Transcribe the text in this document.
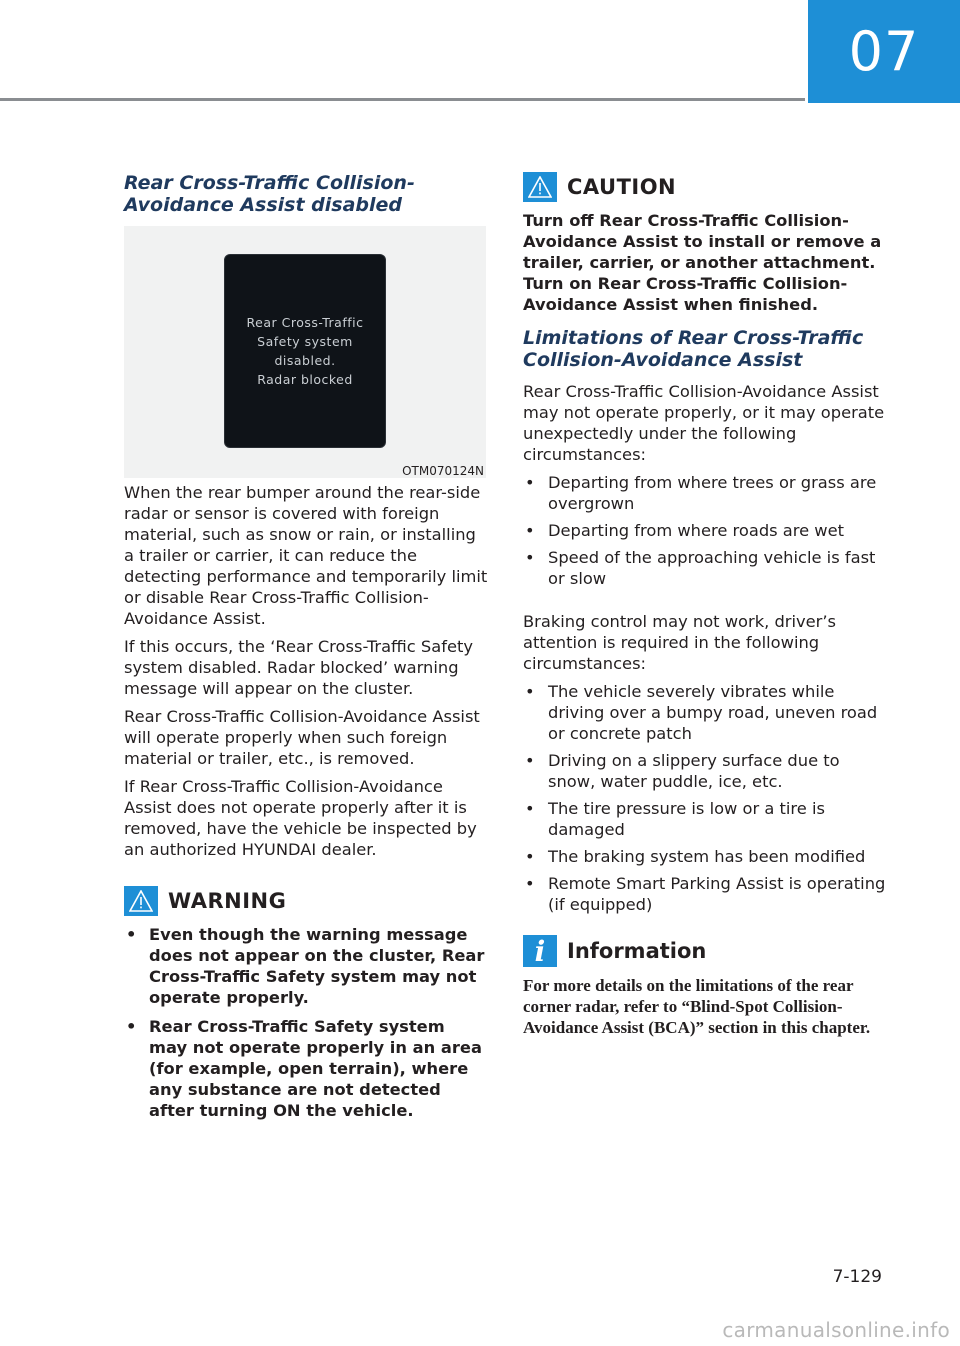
07
Rear Cross-Traffic Collision-Avoidance Assist disabled
Rear Cross-Traffic
Safety system disabled.
Radar blocked
OTM070124N

When the rear bumper around the rear-side radar or sensor is covered with foreign material, such as snow or rain, or installing a trailer or carrier, it can reduce the detecting performance and temporarily limit or disable Rear Cross-Traffic Collision-Avoidance Assist.

If this occurs, the ‘Rear Cross-Traffic Safety system disabled. Radar blocked’ warning message will appear on the cluster.

Rear Cross-Traffic Collision-Avoidance Assist will operate properly when such foreign material or trailer, etc., is removed.

If Rear Cross-Traffic Collision-Avoidance Assist does not operate properly after it is removed, have the vehicle be inspected by an authorized HYUNDAI dealer.

WARNING
• Even though the warning message does not appear on the cluster, Rear Cross-Traffic Safety system may not operate properly.
• Rear Cross-Traffic Safety system may not operate properly in an area (for example, open terrain), where any substance are not detected after turning ON the vehicle.
CAUTION

Turn off Rear Cross-Traffic Collision-Avoidance Assist to install or remove a trailer, carrier, or another attachment. Turn on Rear Cross-Traffic Collision-Avoidance Assist when finished.

Limitations of Rear Cross-Traffic Collision-Avoidance Assist

Rear Cross-Traffic Collision-Avoidance Assist may not operate properly, or it may operate unexpectedly under the following circumstances:

• Departing from where trees or grass are overgrown
• Departing from where roads are wet
• Speed of the approaching vehicle is fast or slow

Braking control may not work, driver’s attention is required in the following circumstances:

• The vehicle severely vibrates while driving over a bumpy road, uneven road or concrete patch
• Driving on a slippery surface due to snow, water puddle, ice, etc.
• The tire pressure is low or a tire is damaged
• The braking system has been modified
• Remote Smart Parking Assist is operating (if equipped)
i	Information

For more details on the limitations of the rear corner radar, refer to “Blind-Spot Collision-Avoidance Assist (BCA)” section in this chapter.

7-129
carmanualsonline.info
